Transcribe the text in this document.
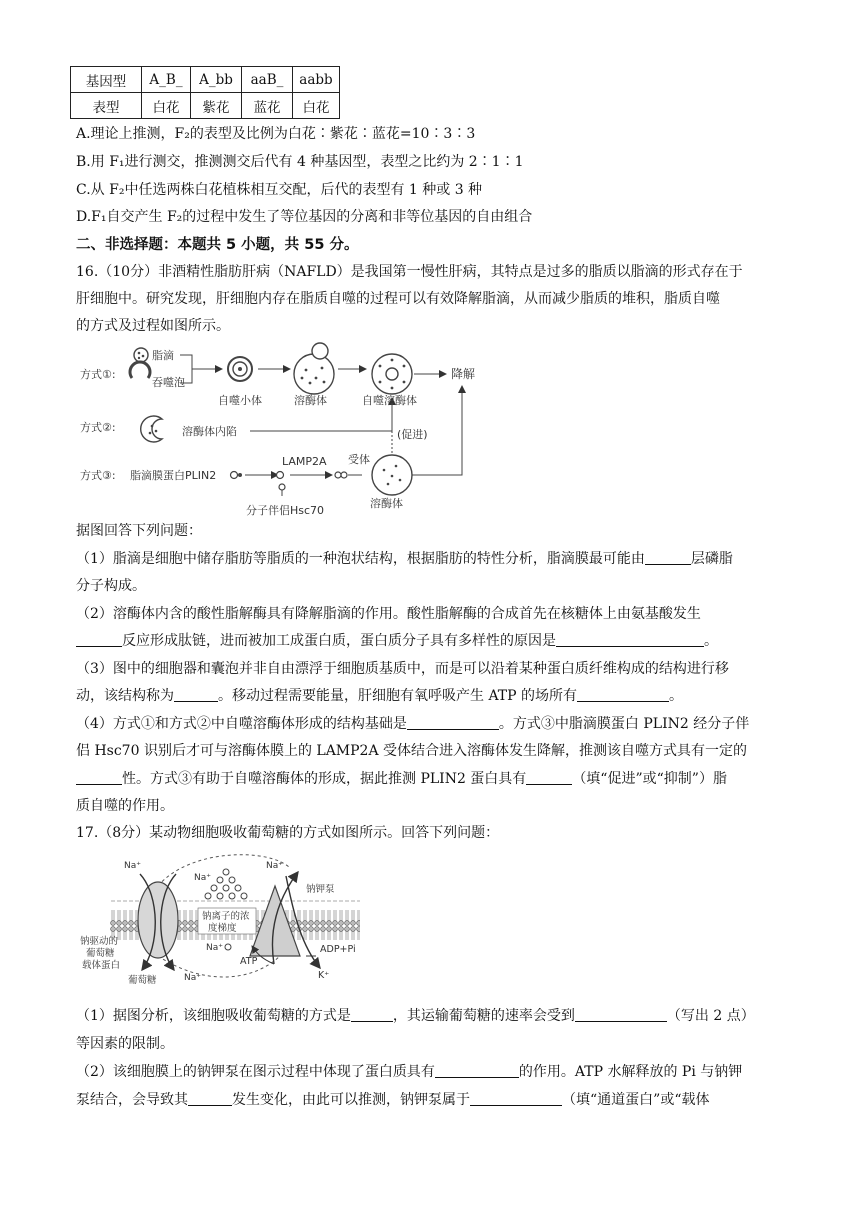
基因型	A_B_	A_bb	aaB_	aabb
表型	白花	紫花	蓝花	白花
A.理论上推测，F₂的表型及比例为白花∶紫花∶蓝花=10∶3∶3
B.用 F₁进行测交，推测测交后代有 4 种基因型，表型之比约为 2∶1∶1
C.从 F₂中任选两株白花植株相互交配，后代的表型有 1 种或 3 种
D.F₁自交产生 F₂的过程中发生了等位基因的分离和非等位基因的自由组合
二、非选择题：本题共 5 小题，共 55 分。
16.（10分）非酒精性脂肪肝病（NAFLD）是我国第一慢性肝病，其特点是过多的脂质以脂滴的形式存在于
肝细胞中。研究发现，肝细胞内存在脂质自噬的过程可以有效降解脂滴，从而减少脂质的堆积，脂质自噬
的方式及过程如图所示。
方式①:
方式②:
方式③:
脂滴
吞噬泡
自噬小体	溶酶体	自噬溶酶体
降解
溶酶体内陷	(促进)
脂滴膜蛋白PLIN2
LAMP2A 受体
溶酶体
分子伴侣Hsc70
据图回答下列问题：
（1）脂滴是细胞中储存脂肪等脂质的一种泡状结构，根据脂肪的特性分析，脂滴膜最可能由	层磷脂
分子构成。
（2）溶酶体内含的酸性脂解酶具有降解脂滴的作用。酸性脂解酶的合成首先在核糖体上由氨基酸发生
反应形成肽链，进而被加工成蛋白质，蛋白质分子具有多样性的原因是	。
（3）图中的细胞器和囊泡并非自由漂浮于细胞质基质中，而是可以沿着某种蛋白质纤维构成的结构进行移
动，该结构称为	。移动过程需要能量，肝细胞有氧呼吸产生 ATP 的场所有	。
（4）方式①和方式②中自噬溶酶体形成的结构基础是	。方式③中脂滴膜蛋白 PLIN2 经分子伴
侣 Hsc70 识别后才可与溶酶体膜上的 LAMP2A 受体结合进入溶酶体发生降解，推测该自噬方式具有一定的
性。方式③有助于自噬溶酶体的形成，据此推测 PLIN2 蛋白具有	（填“促进”或“抑制”）脂
质自噬的作用。
17.（8分）某动物细胞吸收葡萄糖的方式如图所示。回答下列问题：
Na⁺	Na⁺
Na⁺
钠钾泵
钠离子的浓
度梯度
Na⁺
钠驱动的
葡萄糖
载体蛋白
葡萄糖	Na⁺
ATP
K⁺
ADP+Pi
（1）据图分析，该细胞吸收葡萄糖的方式是	，其运输葡萄糖的速率会受到	（写出 2 点）
等因素的限制。
（2）该细胞膜上的钠钾泵在图示过程中体现了蛋白质具有	的作用。ATP 水解释放的 Pi 与钠钾
泵结合，会导致其	发生变化，由此可以推测，钠钾泵属于	（填“通道蛋白”或“载体
